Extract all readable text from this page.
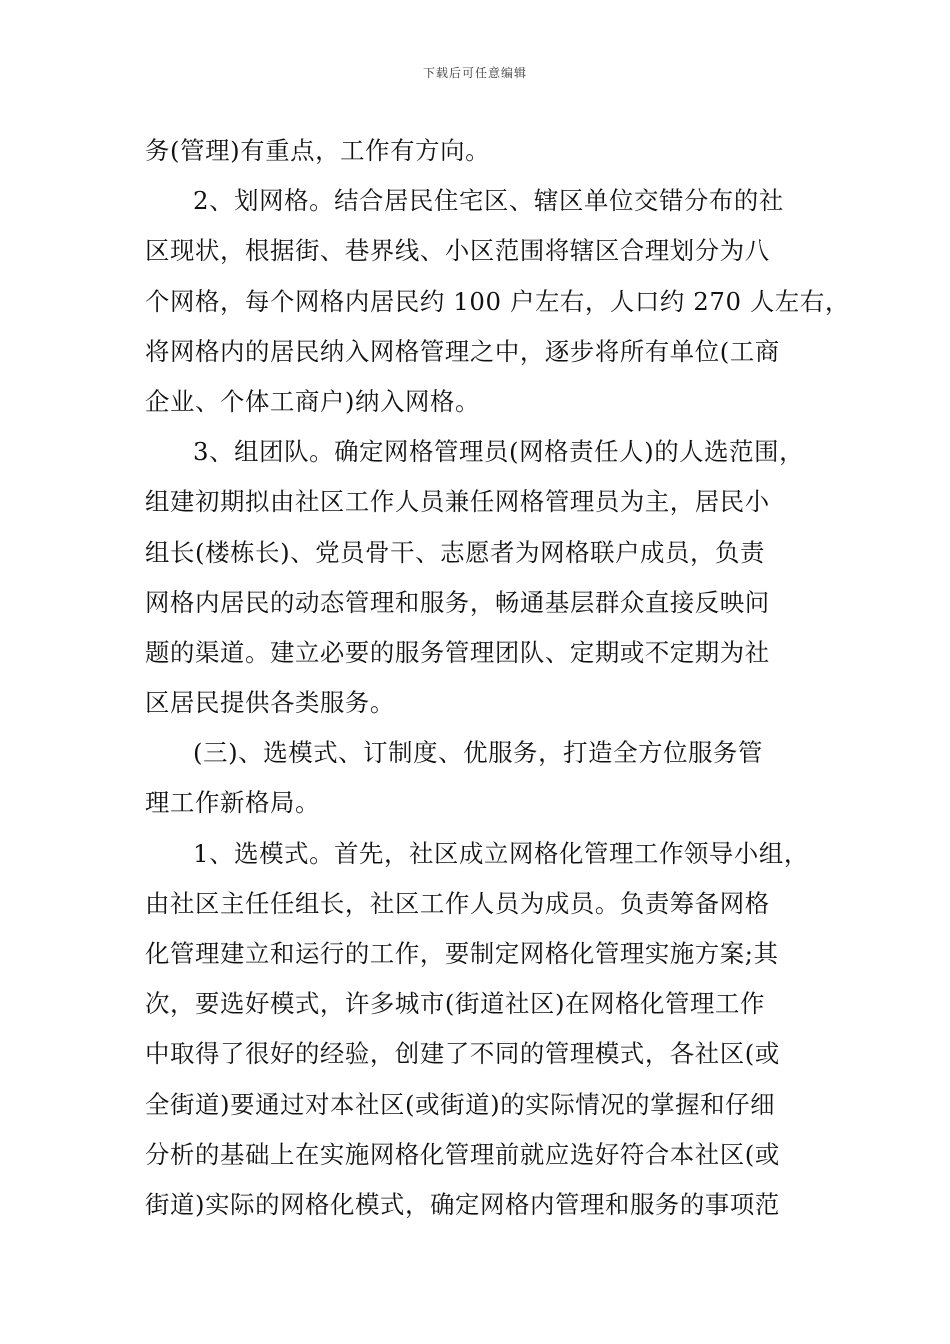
下载后可任意编辑
务(管理)有重点，工作有方向。
2、划网格。结合居民住宅区、辖区单位交错分布的社
区现状，根据街、巷界线、小区范围将辖区合理划分为八
个网格，每个网格内居民约 100 户左右，人口约 270 人左右，
将网格内的居民纳入网格管理之中，逐步将所有单位(工商
企业、个体工商户)纳入网格。
3、组团队。确定网格管理员(网格责任人)的人选范围，
组建初期拟由社区工作人员兼任网格管理员为主，居民小
组长(楼栋长)、党员骨干、志愿者为网格联户成员，负责
网格内居民的动态管理和服务，畅通基层群众直接反映问
题的渠道。建立必要的服务管理团队、定期或不定期为社
区居民提供各类服务。
(三)、选模式、订制度、优服务，打造全方位服务管
理工作新格局。
1、选模式。首先，社区成立网格化管理工作领导小组，
由社区主任任组长，社区工作人员为成员。负责筹备网格
化管理建立和运行的工作，要制定网格化管理实施方案;其
次，要选好模式，许多城市(街道社区)在网格化管理工作
中取得了很好的经验，创建了不同的管理模式，各社区(或
全街道)要通过对本社区(或街道)的实际情况的掌握和仔细
分析的基础上在实施网格化管理前就应选好符合本社区(或
街道)实际的网格化模式，确定网格内管理和服务的事项范
